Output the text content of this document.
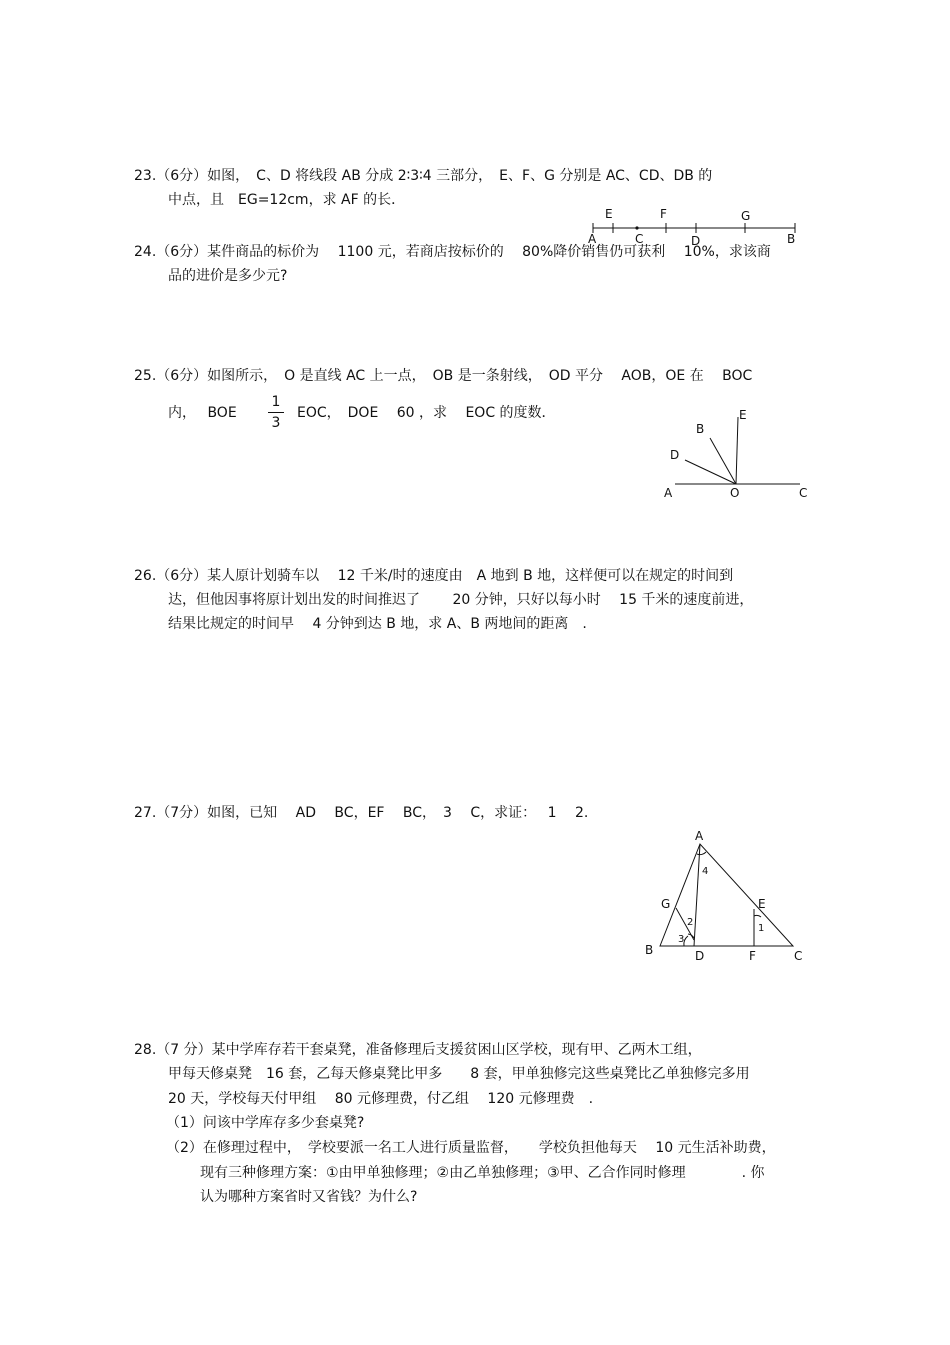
23.（6分）如图，　C、D 将线段 AB 分成 2∶3∶4 三部分，　E、F、G 分别是 AC、CD、DB 的
中点，且　EG=12cm，求 AF 的长．
E	F	G
A	C	D	B
24.（6分）某件商品的标价为　 1100 元，若商店按标价的　 80%降价销售仍可获利　 10%，求该商
品的进价是多少元?
25.（6分）如图所示，　O 是直线 AC 上一点，　OB 是一条射线，　OD 平分　 AOB，OE 在　 BOC
内，　 BOE
1
3
EOC，　DOE　 60 ，求　 EOC 的度数．	E
B
D
A	O	C
26.（6分）某人原计划骑车以　 12 千米/时的速度由　A 地到 B 地，这样便可以在规定的时间到
达，但他因事将原计划出发的时间推迟了　　 20 分钟，只好以每小时　 15 千米的速度前进，
结果比规定的时间早　 4 分钟到达 B 地，求 A、B 两地间的距离　.
27.（7分）如图，已知　 AD　 BC，EF　 BC，　3　 C，求证：　 1　 2.
A
G	E
B	D	F	C
4
2
3
1
28.（7 分）某中学库存若干套桌凳，准备修理后支援贫困山区学校，现有甲、乙两木工组，
甲每天修桌凳　16 套，乙每天修桌凳比甲多　　8 套，甲单独修完这些桌凳比乙单独修完多用
20 天，学校每天付甲组　 80 元修理费，付乙组　 120 元修理费　.
（1）问该中学库存多少套桌凳?
（2）在修理过程中，　学校要派一名工人进行质量监督，　　学校负担他每天　 10 元生活补助费，
现有三种修理方案：①由甲单独修理；②由乙单独修理；③甲、乙合作同时修理　　　　. 你
认为哪种方案省时又省钱？为什么?
